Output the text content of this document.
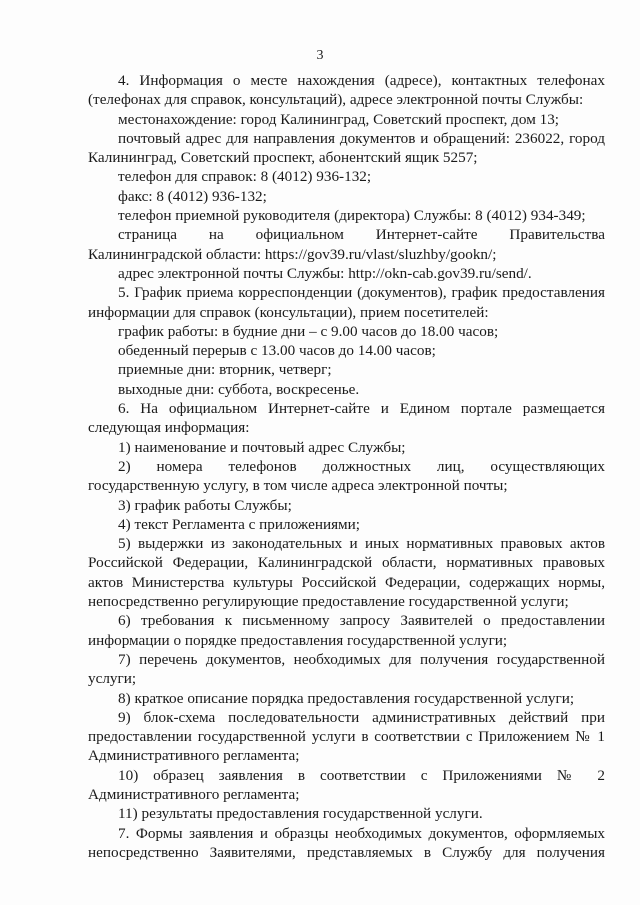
3

4. Информация о месте нахождения (адресе), контактных телефонах (телефонах для справок, консультаций), адресе электронной почты Службы:

местонахождение: город Калининград, Советский проспект, дом 13;

почтовый адрес для направления документов и обращений: 236022, город Калининград, Советский проспект, абонентский ящик 5257;

телефон для справок: 8 (4012) 936-132;

факс: 8 (4012) 936-132;

телефон приемной руководителя (директора) Службы: 8 (4012) 934-349;

страница на официальном Интернет-сайте Правительства Калининградской области: https://gov39.ru/vlast/sluzhby/gookn/;

адрес электронной почты Службы: http://okn-cab.gov39.ru/send/.

5. График приема корреспонденции (документов), график предоставления информации для справок (консультации), прием посетителей:

график работы: в будние дни – с 9.00 часов до 18.00 часов;

обеденный перерыв с 13.00 часов до 14.00 часов;

приемные дни: вторник, четверг;

выходные дни: суббота, воскресенье.

6. На официальном Интернет-сайте и Едином портале размещается следующая информация:

1) наименование и почтовый адрес Службы;

2) номера телефонов должностных лиц, осуществляющих государственную услугу, в том числе адреса электронной почты;

3) график работы Службы;

4) текст Регламента с приложениями;

5) выдержки из законодательных и иных нормативных правовых актов Российской Федерации, Калининградской области, нормативных правовых актов Министерства культуры Российской Федерации, содержащих нормы, непосредственно регулирующие предоставление государственной услуги;

6) требования к письменному запросу Заявителей о предоставлении информации о порядке предоставления государственной услуги;

7) перечень документов, необходимых для получения государственной услуги;

8) краткое описание порядка предоставления государственной услуги;

9) блок-схема последовательности административных действий при предоставлении государственной услуги в соответствии с Приложением № 1 Административного регламента;

10) образец заявления в соответствии с Приложениями № 2 Административного регламента;

11) результаты предоставления государственной услуги.

7. Формы заявления и образцы необходимых документов, оформляемых непосредственно Заявителями, представляемых в Службу для получения
